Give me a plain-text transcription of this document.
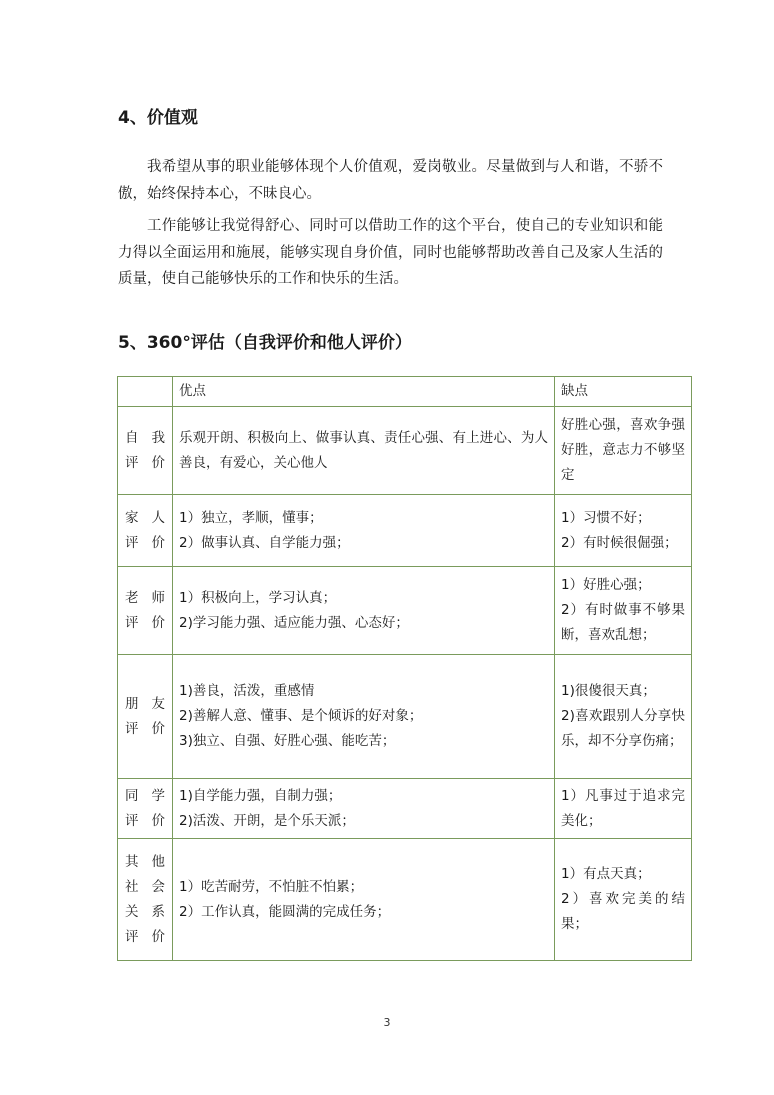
4、价值观

我希望从事的职业能够体现个人价值观，爱岗敬业。尽量做到与人和谐，不骄不傲，始终保持本心，不昧良心。

工作能够让我觉得舒心、同时可以借助工作的这个平台，使自己的专业知识和能力得以全面运用和施展，能够实现自身价值，同时也能够帮助改善自己及家人生活的质量，使自己能够快乐的工作和快乐的生活。

5、360°评估（自我评价和他人评价）
	优点	缺点

自 我
评价	乐观开朗、积极向上、做事认真、责任心强、有上进心、为人善良，有爱心，关心他人	好胜心强，喜欢争强好胜，意志力不够坚定

家 人
评价	1）独立，孝顺，懂事；
2）做事认真、自学能力强；	1）习惯不好；
2）有时候很倔强；

老 师
评价	1）积极向上，学习认真；
2)学习能力强、适应能力强、心态好；	1）好胜心强；
2）有时做事不够果断，喜欢乱想；

朋 友
评价	1)善良，活泼，重感情
2)善解人意、懂事、是个倾诉的好对象；
3)独立、自强、好胜心强、能吃苦；	1)很傻很天真；
2)喜欢跟别人分享快乐，却不分享伤痛；

同 学
评价	1)自学能力强，自制力强；
2)活泼、开朗，是个乐天派；	1）凡事过于追求完美化；

其 他
社 会
关 系
评价	1）吃苦耐劳，不怕脏不怕累；
2）工作认真，能圆满的完成任务；	1）有点天真；
2）喜欢完美的结果；
3
